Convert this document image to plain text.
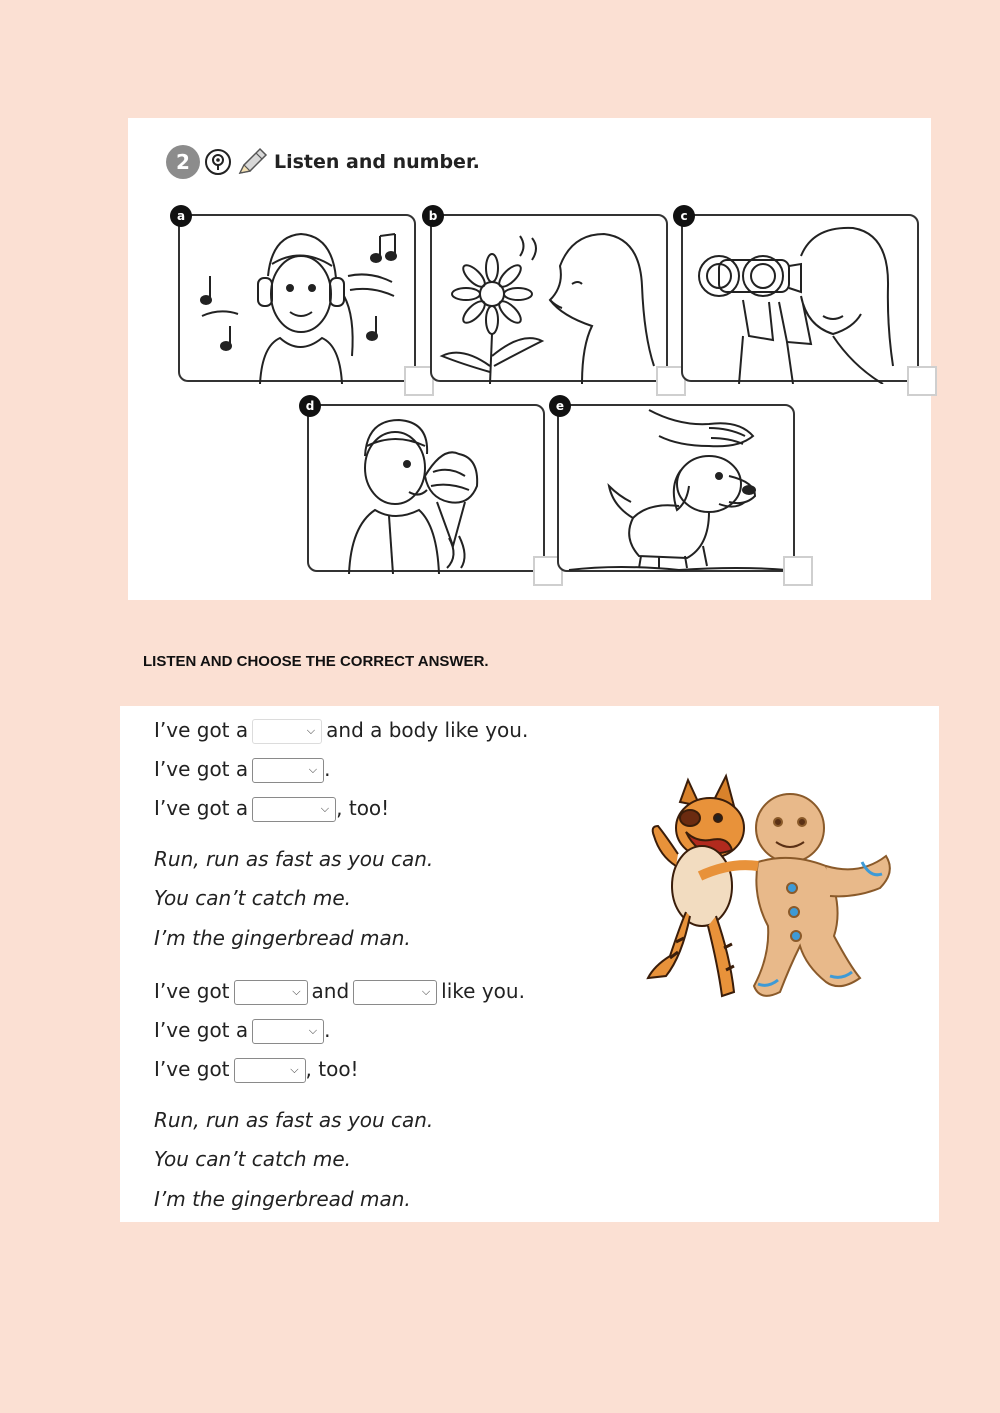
2	Listen and number.
a	b	c
d	e
LISTEN AND CHOOSE THE CORRECT ANSWER.
I’ve got a	⌵ and a body like you.
I’ve got a	⌵ .
I’ve got a	⌵ , too!
Run, run as fast as you can.
You can’t catch me.
I’m the gingerbread man.
I’ve got	⌵ and	⌵ like you.
I’ve got a	⌵ .
I’ve got	⌵ , too!
Run, run as fast as you can.
You can’t catch me.
I’m the gingerbread man.
